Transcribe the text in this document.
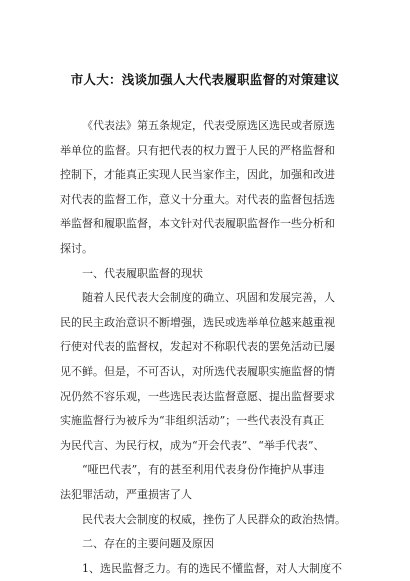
市人大：浅谈加强人大代表履职监督的对策建议
《代表法》第五条规定，代表受原选区选民或者原选
举单位的监督。只有把代表的权力置于人民的严格监督和
控制下，才能真正实现人民当家作主，因此，加强和改进
对代表的监督工作，意义十分重大。对代表的监督包括选
举监督和履职监督，本文针对代表履职监督作一些分析和
探讨。
一、代表履职监督的现状
随着人民代表大会制度的确立、巩固和发展完善，人
民的民主政治意识不断增强，选民或选举单位越来越重视
行使对代表的监督权，发起对不称职代表的罢免活动已屡
见不鲜。但是，不可否认，对所选代表履职实施监督的情
况仍然不容乐观，一些选民表达监督意愿、提出监督要求
实施监督行为被斥为“非组织活动”；一些代表没有真正
为民代言、为民行权，成为“开会代表”、“举手代表”、
“哑巴代表”，有的甚至利用代表身份作掩护从事违
法犯罪活动，严重损害了人
民代表大会制度的权威，挫伤了人民群众的政治热情。
二、存在的主要问题及原因
1、选民监督乏力。有的选民不懂监督，对人大制度不
